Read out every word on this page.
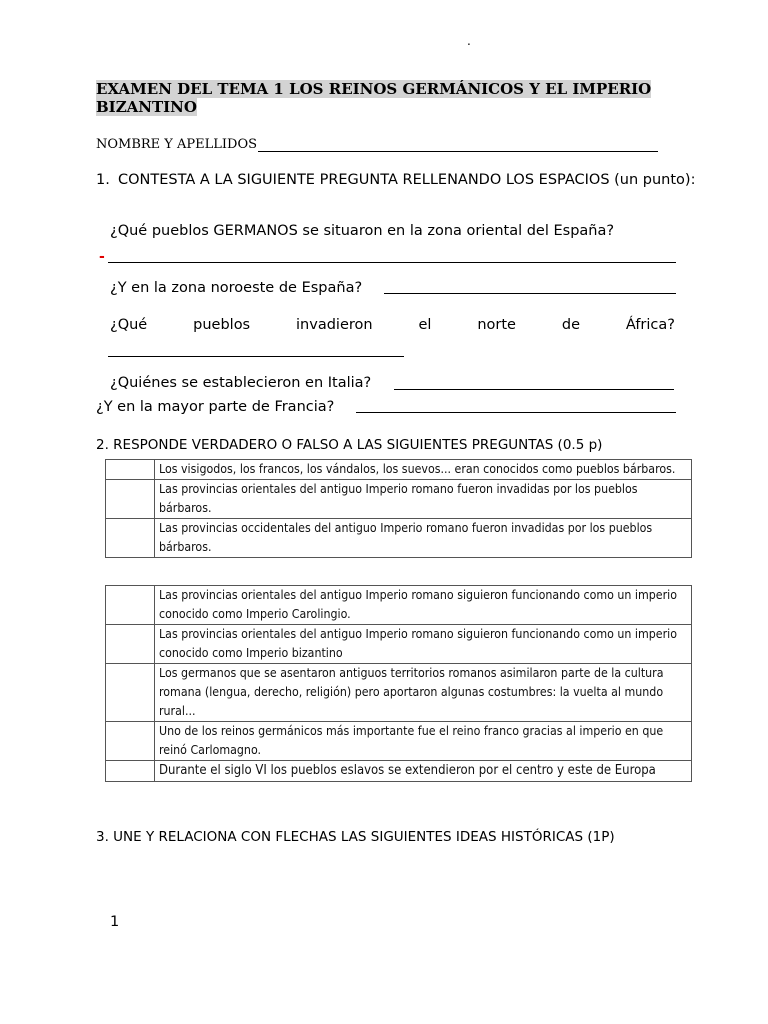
.
EXAMEN DEL TEMA 1 LOS REINOS GERMÁNICOS Y EL IMPERIO BIZANTINO
NOMBRE Y APELLIDOS
1. CONTESTA A LA SIGUIENTE PREGUNTA RELLENANDO LOS ESPACIOS (un punto):
¿Qué pueblos GERMANOS se situaron en la zona oriental del España?
-
¿Y en la zona noroeste de España?
¿Qué	pueblos	invadieron	el	norte	de	África?
¿Quiénes se establecieron en Italia?
¿Y en la mayor parte de Francia?
2. RESPONDE VERDADERO O FALSO A LAS SIGUIENTES PREGUNTAS (0.5 p)
	Los visigodos, los francos, los vándalos, los suevos... eran conocidos como pueblos bárbaros.
	Las provincias orientales del antiguo Imperio romano fueron invadidas por los pueblos bárbaros.
	Las provincias occidentales del antiguo Imperio romano fueron invadidas por los pueblos bárbaros.
	Las provincias orientales del antiguo Imperio romano siguieron funcionando como un imperio conocido como Imperio Carolingio.
	Las provincias orientales del antiguo Imperio romano siguieron funcionando como un imperio conocido como Imperio bizantino
	Los germanos que se asentaron antiguos territorios romanos asimilaron parte de la cultura romana (lengua, derecho, religión) pero aportaron algunas costumbres: la vuelta al mundo rural...
	Uno de los reinos germánicos más importante fue el reino franco gracias al imperio en que reinó Carlomagno.
	Durante el siglo VI los pueblos eslavos se extendieron por el centro y este de Europa
3. UNE Y RELACIONA CON FLECHAS LAS SIGUIENTES IDEAS HISTÓRICAS (1P)
1
